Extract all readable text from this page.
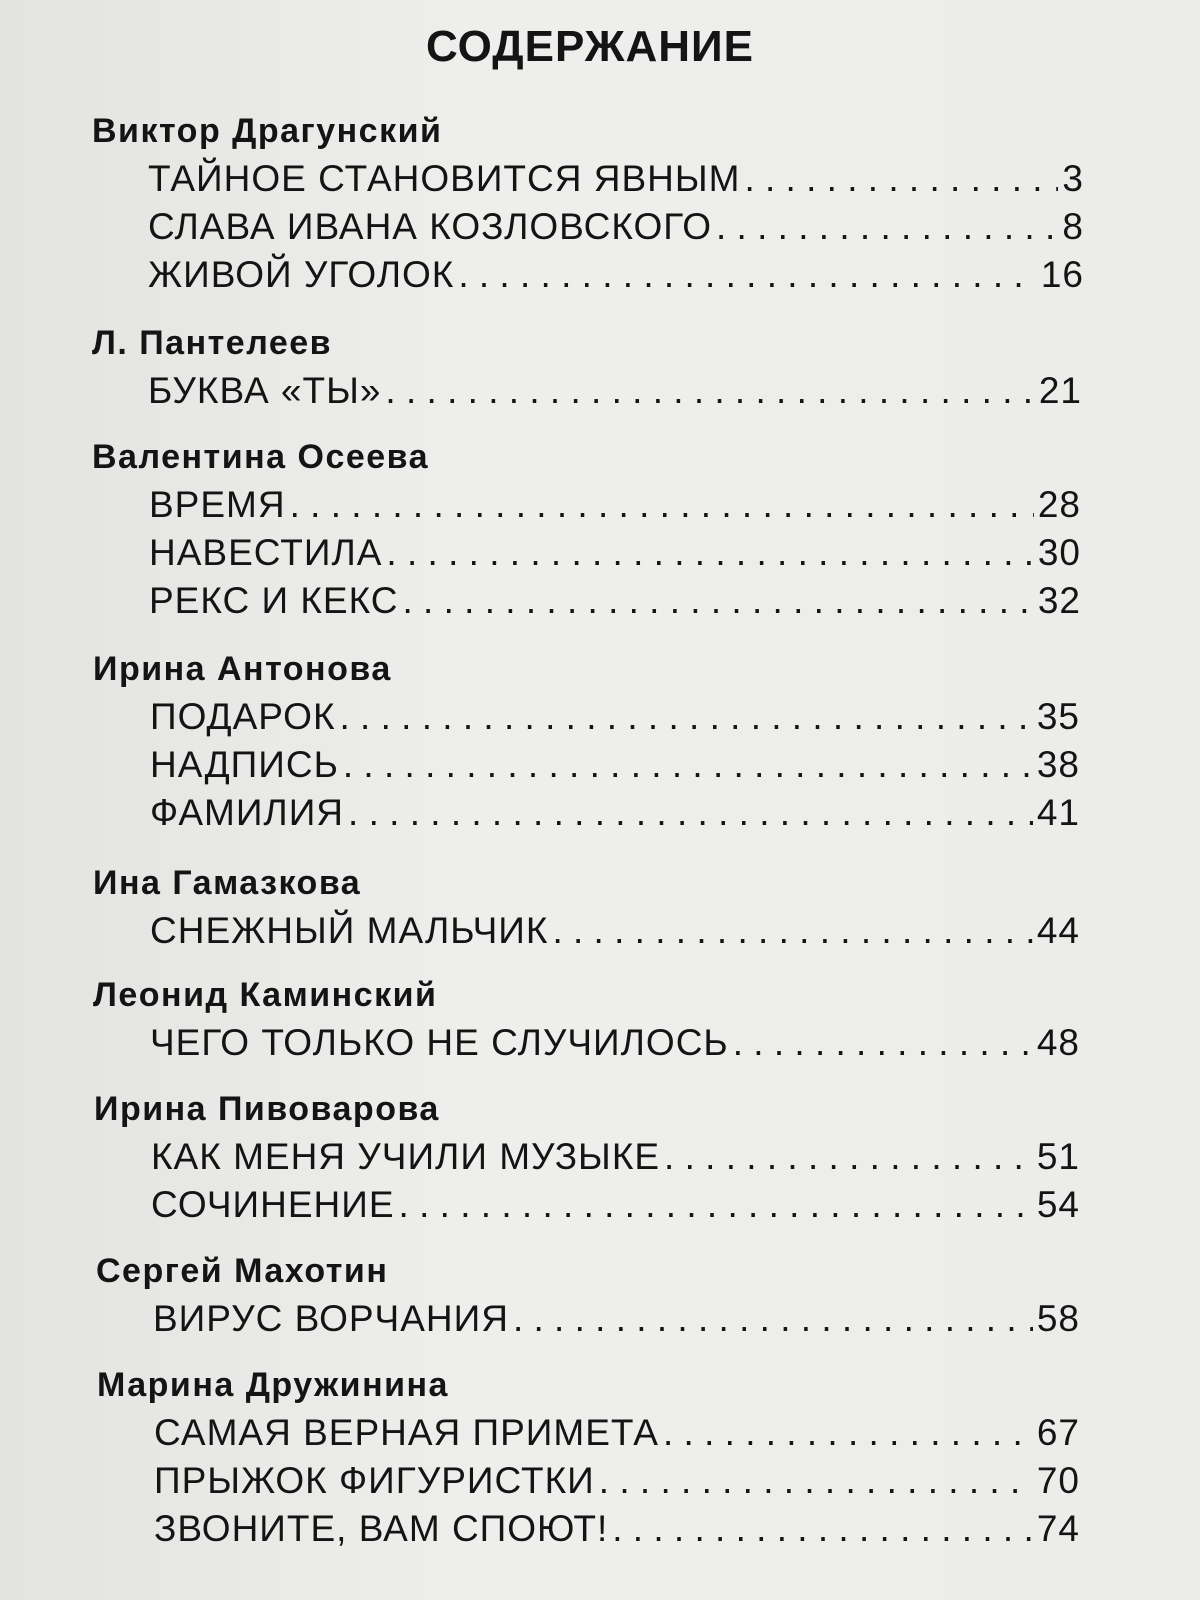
СОДЕРЖАНИЕ
Виктор Драгунский
ТАЙНОЕ СТАНОВИТСЯ ЯВНЫМ . . .	3
СЛАВА ИВАНА КОЗЛОВСКОГО . . .	8
ЖИВОЙ УГОЛОК . . .	16
Л. Пантелеев
БУКВА «ТЫ» . . .	21
Валентина Осеева
ВРЕМЯ . . .	28
НАВЕСТИЛА . . .	30
РЕКС И КЕКС . . .	32
Ирина Антонова
ПОДАРОК . . .	35
НАДПИСЬ . . .	38
ФАМИЛИЯ . . .	41
Ина Гамазкова
СНЕЖНЫЙ МАЛЬЧИК . . .	44
Леонид Каминский
ЧЕГО ТОЛЬКО НЕ СЛУЧИЛОСЬ . . .	48
Ирина Пивоварова
КАК МЕНЯ УЧИЛИ МУЗЫКЕ . . .	51
СОЧИНЕНИЕ . . .	54
Сергей Махотин
ВИРУС ВОРЧАНИЯ . . .	58
Марина Дружинина
САМАЯ ВЕРНАЯ ПРИМЕТА . . .	67
ПРЫЖОК ФИГУРИСТКИ . . .	70
ЗВОНИТЕ, ВАМ СПОЮТ! . . .	74
